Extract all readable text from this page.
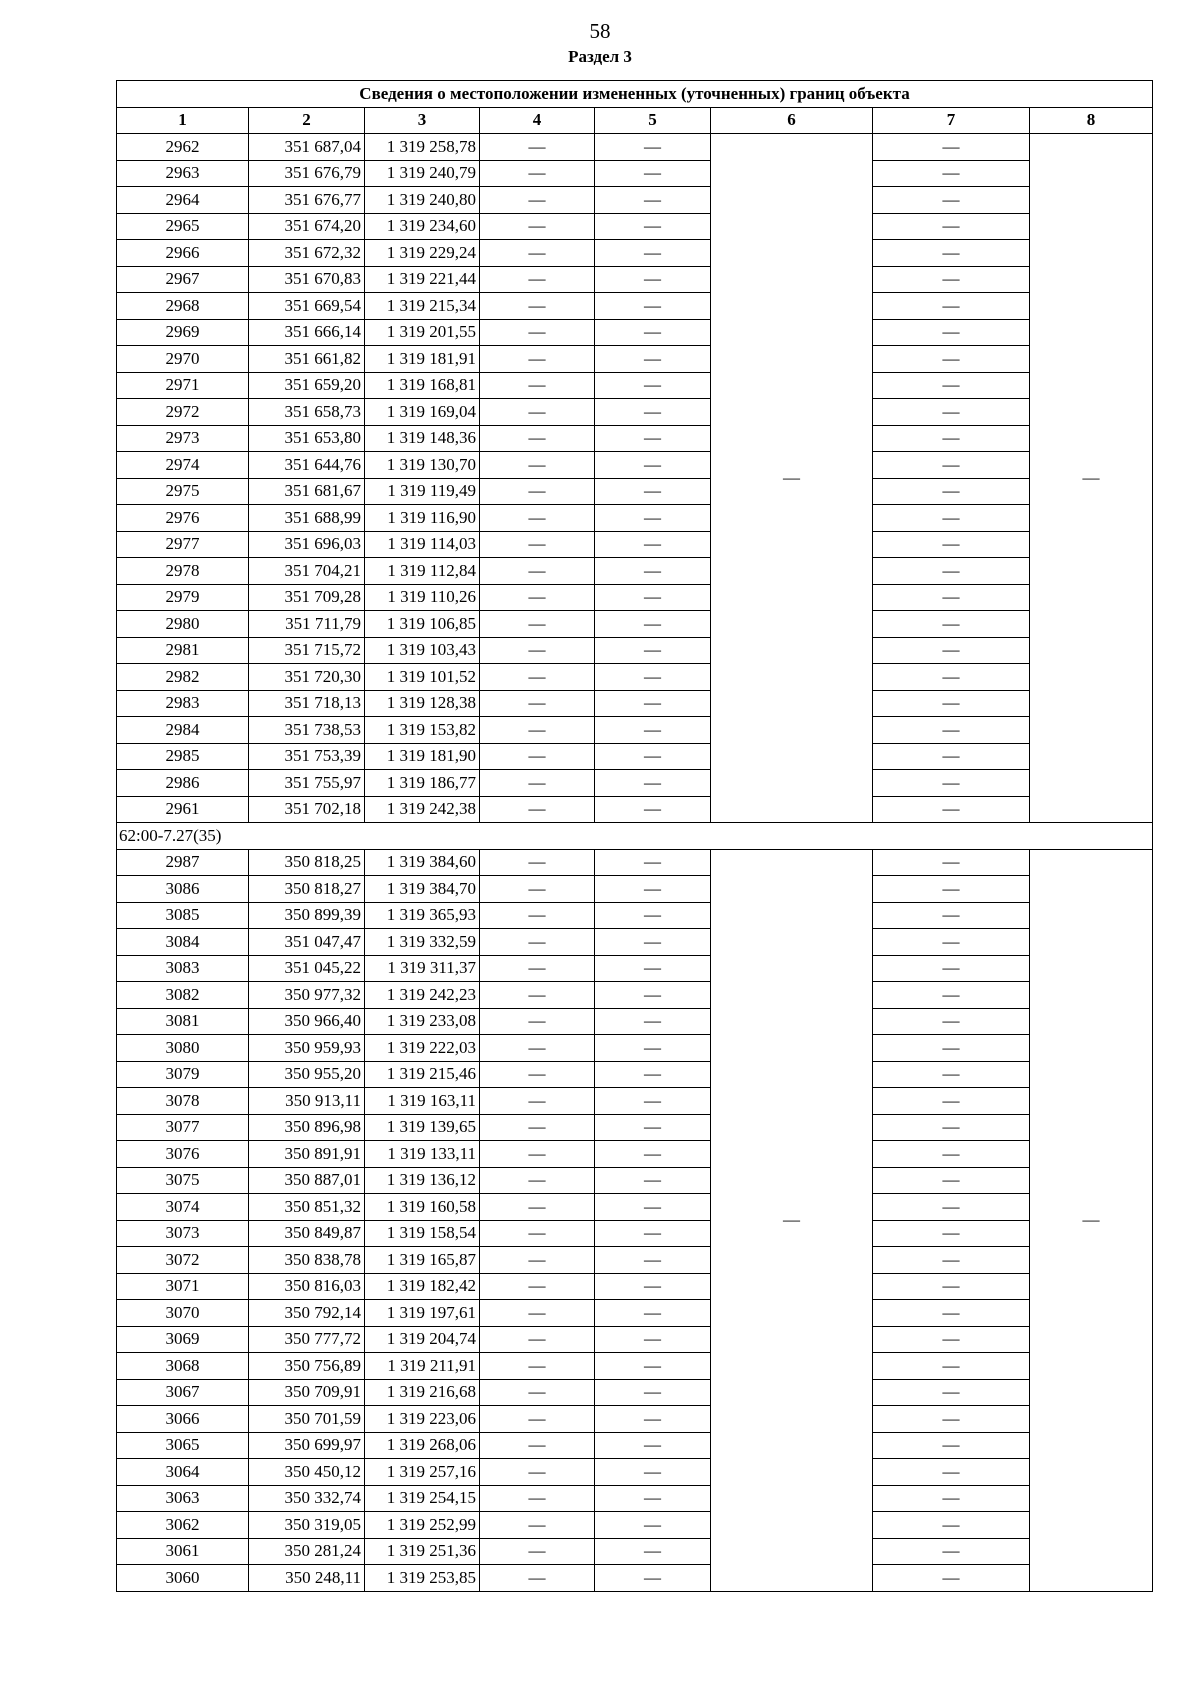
58
Раздел 3
Сведения о местоположении измененных (уточненных) границ объекта							
1	2	3	4	5	6	7	8
2962	351 687,04	1 319 258,78	—	—	—	—	—
2963	351 676,79	1 319 240,79	—	—		—	
2964	351 676,77	1 319 240,80	—	—		—	
2965	351 674,20	1 319 234,60	—	—		—	
2966	351 672,32	1 319 229,24	—	—		—	
2967	351 670,83	1 319 221,44	—	—		—	
2968	351 669,54	1 319 215,34	—	—		—	
2969	351 666,14	1 319 201,55	—	—		—	
2970	351 661,82	1 319 181,91	—	—		—	
2971	351 659,20	1 319 168,81	—	—		—	
2972	351 658,73	1 319 169,04	—	—		—	
2973	351 653,80	1 319 148,36	—	—		—	
2974	351 644,76	1 319 130,70	—	—		—	
2975	351 681,67	1 319 119,49	—	—		—	
2976	351 688,99	1 319 116,90	—	—		—	
2977	351 696,03	1 319 114,03	—	—		—	
2978	351 704,21	1 319 112,84	—	—		—	
2979	351 709,28	1 319 110,26	—	—		—	
2980	351 711,79	1 319 106,85	—	—		—	
2981	351 715,72	1 319 103,43	—	—		—	
2982	351 720,30	1 319 101,52	—	—		—	
2983	351 718,13	1 319 128,38	—	—		—	
2984	351 738,53	1 319 153,82	—	—		—	
2985	351 753,39	1 319 181,90	—	—		—	
2986	351 755,97	1 319 186,77	—	—		—	
2961	351 702,18	1 319 242,38	—	—		—	
62:00-7.27(35)							
2987	350 818,25	1 319 384,60	—	—	—	—	—
3086	350 818,27	1 319 384,70	—	—		—	
3085	350 899,39	1 319 365,93	—	—		—	
3084	351 047,47	1 319 332,59	—	—		—	
3083	351 045,22	1 319 311,37	—	—		—	
3082	350 977,32	1 319 242,23	—	—		—	
3081	350 966,40	1 319 233,08	—	—		—	
3080	350 959,93	1 319 222,03	—	—		—	
3079	350 955,20	1 319 215,46	—	—		—	
3078	350 913,11	1 319 163,11	—	—		—	
3077	350 896,98	1 319 139,65	—	—		—	
3076	350 891,91	1 319 133,11	—	—		—	
3075	350 887,01	1 319 136,12	—	—		—	
3074	350 851,32	1 319 160,58	—	—		—	
3073	350 849,87	1 319 158,54	—	—		—	
3072	350 838,78	1 319 165,87	—	—		—	
3071	350 816,03	1 319 182,42	—	—		—	
3070	350 792,14	1 319 197,61	—	—		—	
3069	350 777,72	1 319 204,74	—	—		—	
3068	350 756,89	1 319 211,91	—	—		—	
3067	350 709,91	1 319 216,68	—	—		—	
3066	350 701,59	1 319 223,06	—	—		—	
3065	350 699,97	1 319 268,06	—	—		—	
3064	350 450,12	1 319 257,16	—	—		—	
3063	350 332,74	1 319 254,15	—	—		—	
3062	350 319,05	1 319 252,99	—	—		—	
3061	350 281,24	1 319 251,36	—	—		—	
3060	350 248,11	1 319 253,85	—	—		—	
